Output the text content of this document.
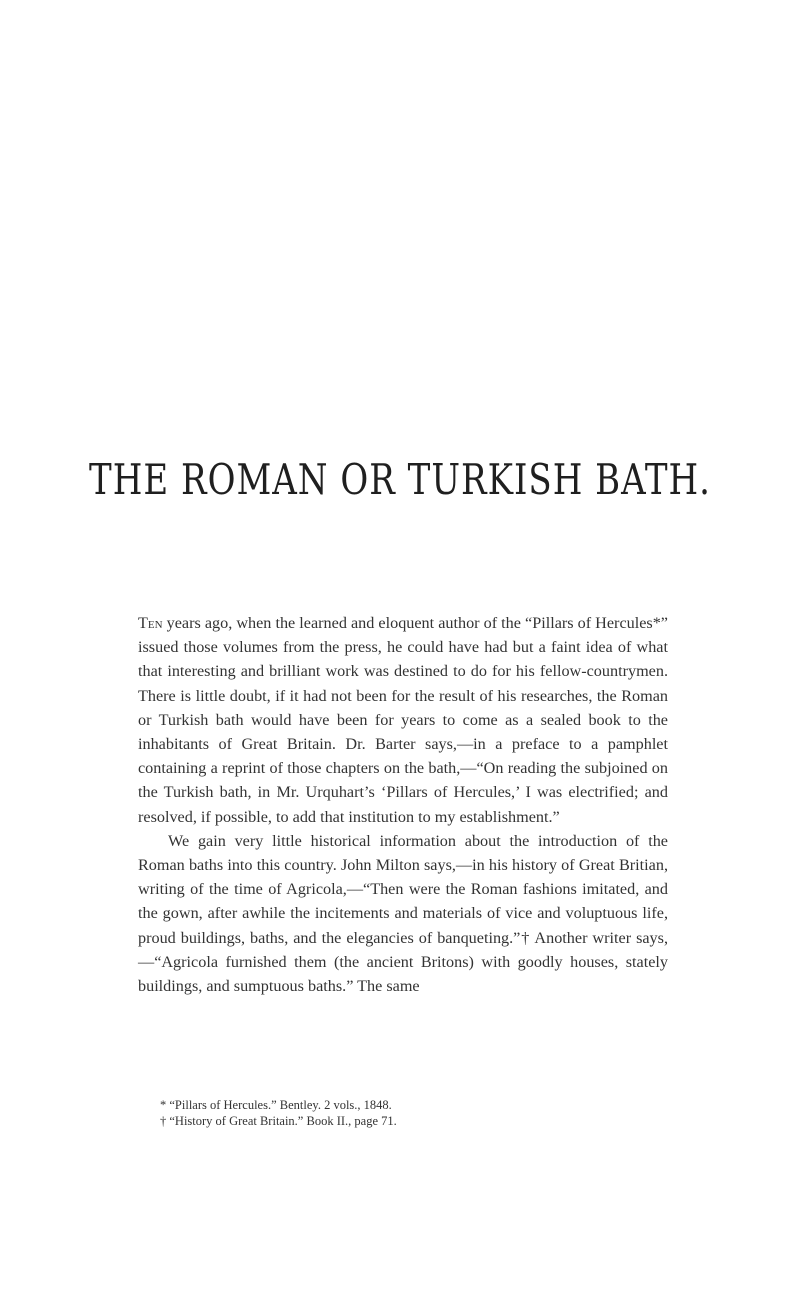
THE ROMAN OR TURKISH BATH.

Ten years ago, when the learned and eloquent author of the “Pillars of Hercules*” issued those volumes from the press, he could have had but a faint idea of what that interesting and brilliant work was destined to do for his fellow-countrymen. There is little doubt, if it had not been for the result of his researches, the Roman or Turkish bath would have been for years to come as a sealed book to the inhabitants of Great Britain. Dr. Barter says,—in a preface to a pamphlet containing a reprint of those chapters on the bath,—“On reading the subjoined on the Turkish bath, in Mr. Urquhart’s ‘Pillars of Hercules,’ I was electrified; and resolved, if possible, to add that institution to my establishment.”

We gain very little historical information about the introduction of the Roman baths into this country. John Milton says,—in his history of Great Britian, writing of the time of Agricola,—“Then were the Roman fashions imitated, and the gown, after awhile the incitements and materials of vice and voluptuous life, proud buildings, baths, and the elegancies of banqueting.”† Another writer says,—“Agricola furnished them (the ancient Britons) with goodly houses, stately buildings, and sumptuous baths.” The same

* “Pillars of Hercules.” Bentley. 2 vols., 1848.
† “History of Great Britain.” Book II., page 71.
